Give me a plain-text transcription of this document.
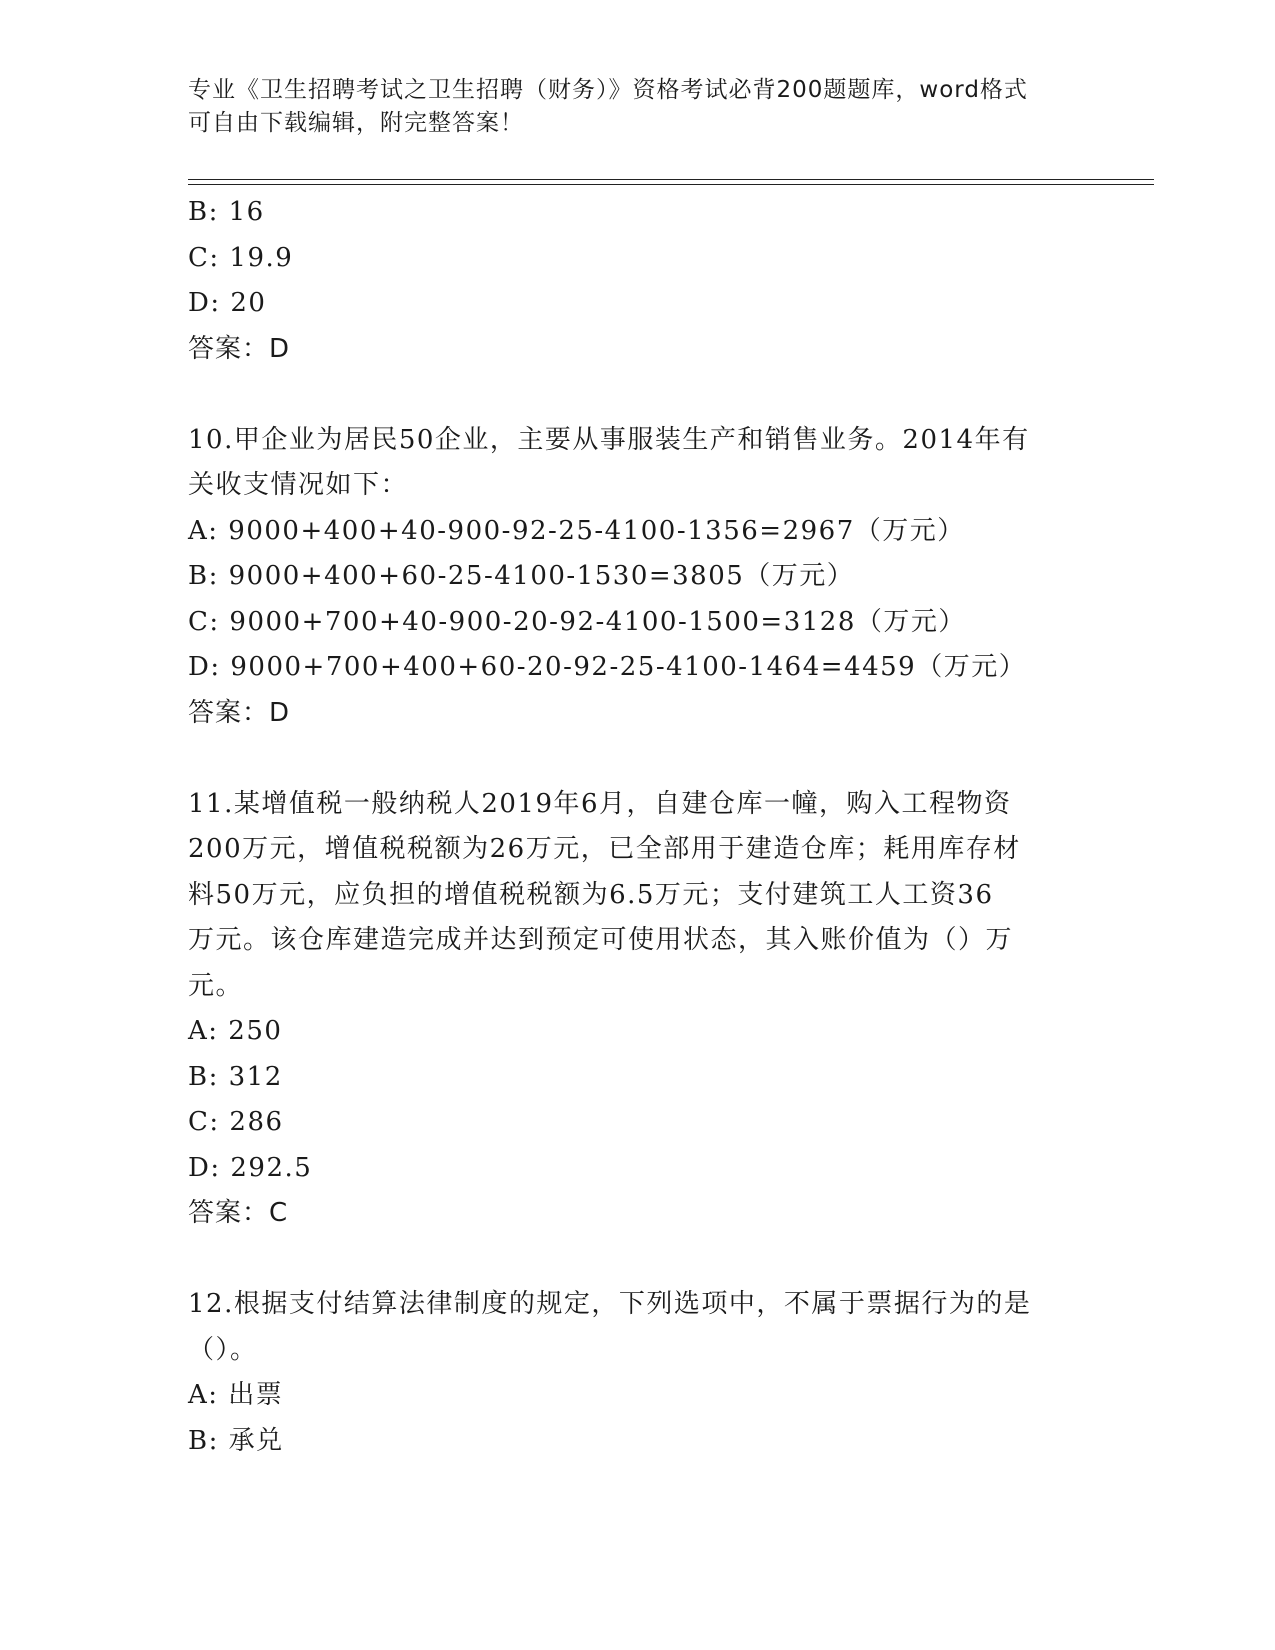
专业《卫生招聘考试之卫生招聘（财务）》资格考试必背200题题库，word格式
可自由下载编辑，附完整答案！
B: 16
C: 19.9
D: 20
答案：D
10.甲企业为居民50企业，主要从事服装生产和销售业务。2014年有
关收支情况如下：
A: 9000+400+40-900-92-25-4100-1356=2967（万元）
B: 9000+400+60-25-4100-1530=3805（万元）
C: 9000+700+40-900-20-92-4100-1500=3128（万元）
D: 9000+700+400+60-20-92-25-4100-1464=4459（万元）
答案：D
11.某增值税一般纳税人2019年6月，自建仓库一幢，购入工程物资
200万元，增值税税额为26万元，已全部用于建造仓库；耗用库存材
料50万元，应负担的增值税税额为6.5万元；支付建筑工人工资36
万元。该仓库建造完成并达到预定可使用状态，其入账价值为（）万
元。
A: 250
B: 312
C: 286
D: 292.5
答案：C
12.根据支付结算法律制度的规定，下列选项中，不属于票据行为的是
（）。
A: 出票
B: 承兑
